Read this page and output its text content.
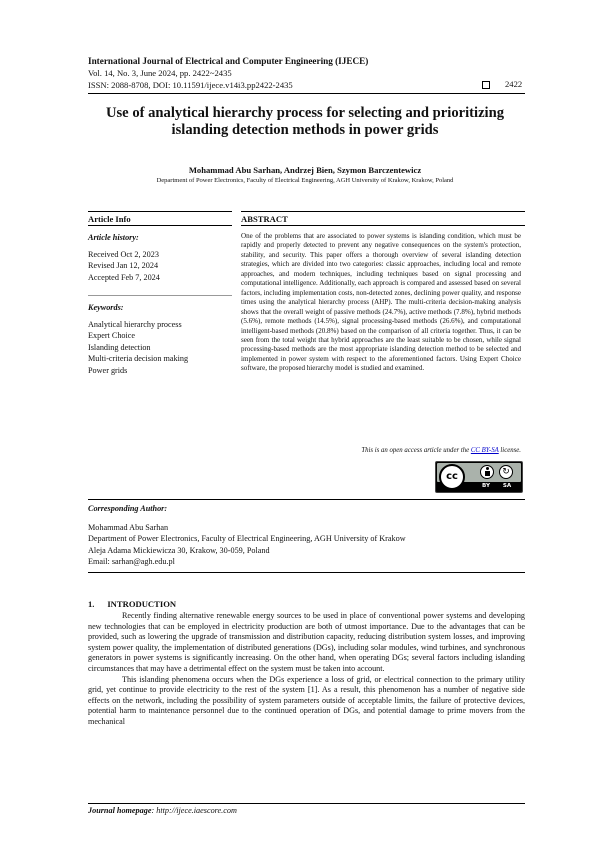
International Journal of Electrical and Computer Engineering (IJECE)
Vol. 14, No. 3, June 2024, pp. 2422~2435
ISSN: 2088-8708, DOI: 10.11591/ijece.v14i3.pp2422-2435	2422
Use of analytical hierarchy process for selecting and prioritizing
islanding detection methods in power grids
Mohammad Abu Sarhan, Andrzej Bien, Szymon Barczentewicz
Department of Power Electronics, Faculty of Electrical Engineering, AGH University of Krakow, Krakow, Poland
Article Info
Article history:
Received Oct 2, 2023
Revised Jan 12, 2024
Accepted Feb 7, 2024
Keywords:
Analytical hierarchy process
Expert Choice
Islanding detection
Multi-criteria decision making
Power grids
ABSTRACT
One of the problems that are associated to power systems is islanding condition, which must be rapidly and properly detected to prevent any negative consequences on the system's protection, stability, and security. This paper offers a thorough overview of several islanding detection strategies, which are divided into two categories: classic approaches, including local and remote approaches, and modern techniques, including techniques based on signal processing and computational intelligence. Additionally, each approach is compared and assessed based on several factors, including implementation costs, non-detected zones, declining power quality, and response times using the analytical hierarchy process (AHP). The multi-criteria decision-making analysis shows that the overall weight of passive methods (24.7%), active methods (7.8%), hybrid methods (5.6%), remote methods (14.5%), signal processing-based methods (26.6%), and computational intelligent-based methods (20.8%) based on the comparison of all criteria together. Thus, it can be seen from the total weight that hybrid approaches are the least suitable to be chosen, while signal processing-based methods are the most appropriate islanding detection method to be selected and implemented in power system with respect to the aforementioned factors. Using Expert Choice software, the proposed hierarchy model is studied and examined.
This is an open access article under the CC BY-SA license.
cc	↻
BY	SA
Corresponding Author:
Mohammad Abu Sarhan
Department of Power Electronics, Faculty of Electrical Engineering, AGH University of Krakow
Aleja Adama Mickiewicza 30, Krakow, 30-059, Poland
Email: sarhan@agh.edu.pl
1.      INTRODUCTION

Recently finding alternative renewable energy sources to be used in place of conventional power systems and developing new technologies that can be employed in electricity production are both of utmost importance. Due to the advantages that can be provided, such as lowering the upgrade of transmission and distribution capacity, reducing distribution system losses, and improving system power quality, the implementation of distributed generations (DGs), including solar modules, wind turbines, and synchronous generators in power systems is significantly increasing. On the other hand, when operating DGs; several factors including islanding circumstances that may have a detrimental effect on the system must be taken into account.

This islanding phenomena occurs when the DGs experience a loss of grid, or electrical connection to the primary utility grid, yet continue to provide electricity to the rest of the system [1]. As a result, this phenomenon has a number of negative side effects on the network, including the possibility of system parameters outside of acceptable limits, the failure of protective devices, potential harm to maintenance personnel due to the continued operation of DGs, and potential damage to prime movers from the mechanical

Journal homepage: http://ijece.iaescore.com
